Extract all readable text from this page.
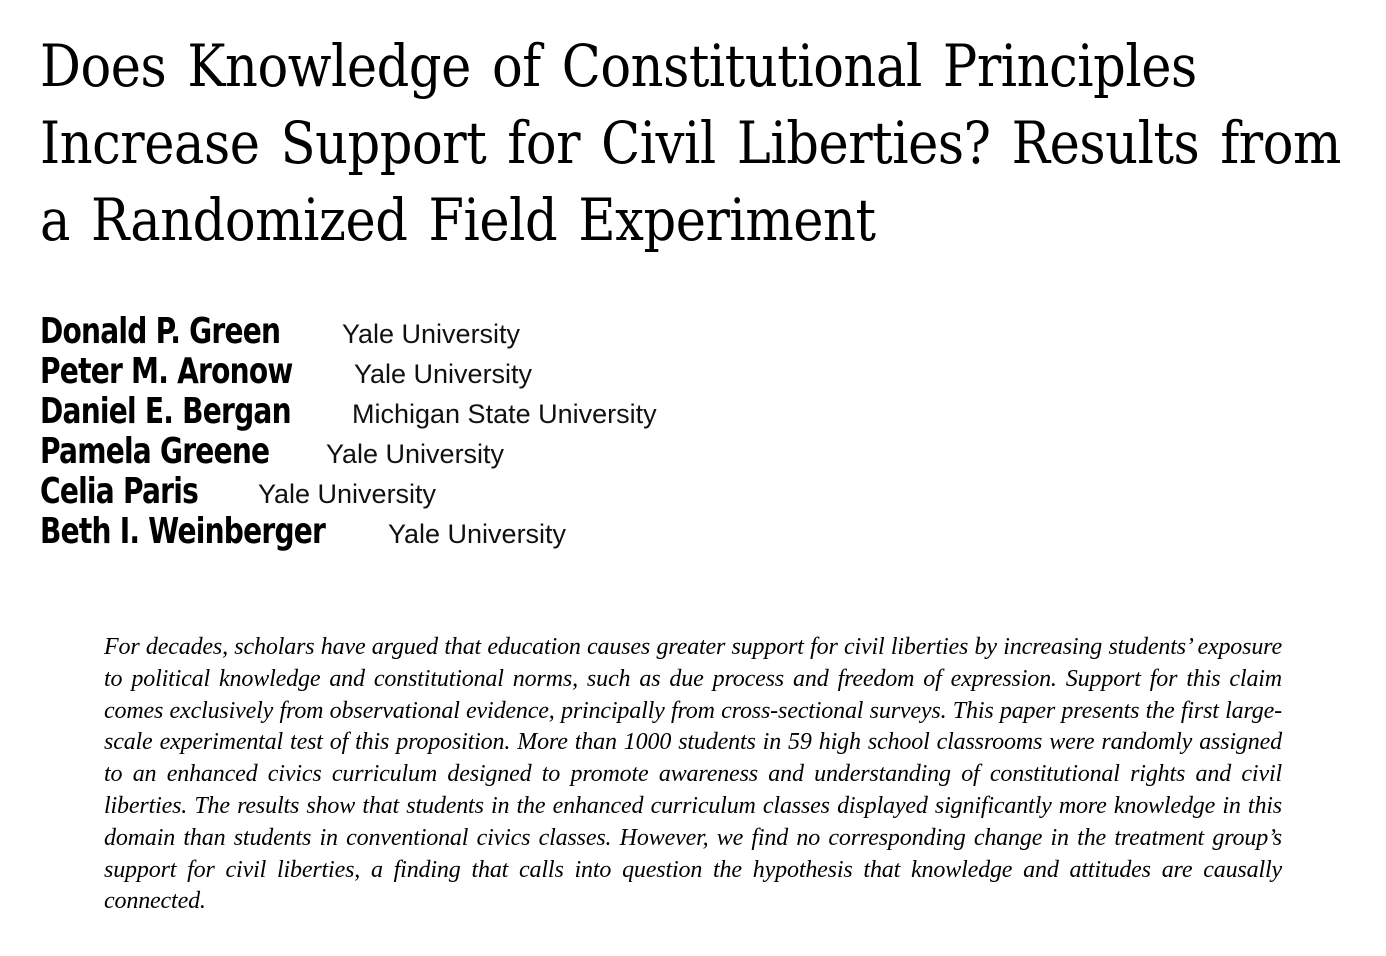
Does Knowledge of Constitutional Principles
Increase Support for Civil Liberties? Results from
a Randomized Field Experiment
Donald P. Green Yale University
Peter M. Aronow Yale University
Daniel E. Bergan Michigan State University
Pamela Greene Yale University
Celia Paris Yale University
Beth I. Weinberger Yale University

For decades, scholars have argued that education causes greater support for civil liberties by increasing students’ exposure to political knowledge and constitutional norms, such as due process and freedom of expression. Support for this claim comes exclusively from observational evidence, principally from cross-sectional surveys. This paper presents the first large-scale experimental test of this proposition. More than 1000 students in 59 high school classrooms were randomly assigned to an enhanced civics curriculum designed to promote awareness and understanding of constitutional rights and civil liberties. The results show that students in the enhanced curriculum classes displayed significantly more knowledge in this domain than students in conventional civics classes. However, we find no corresponding change in the treatment group’s support for civil liberties, a finding that calls into question the hypothesis that knowledge and attitudes are causally connected.
